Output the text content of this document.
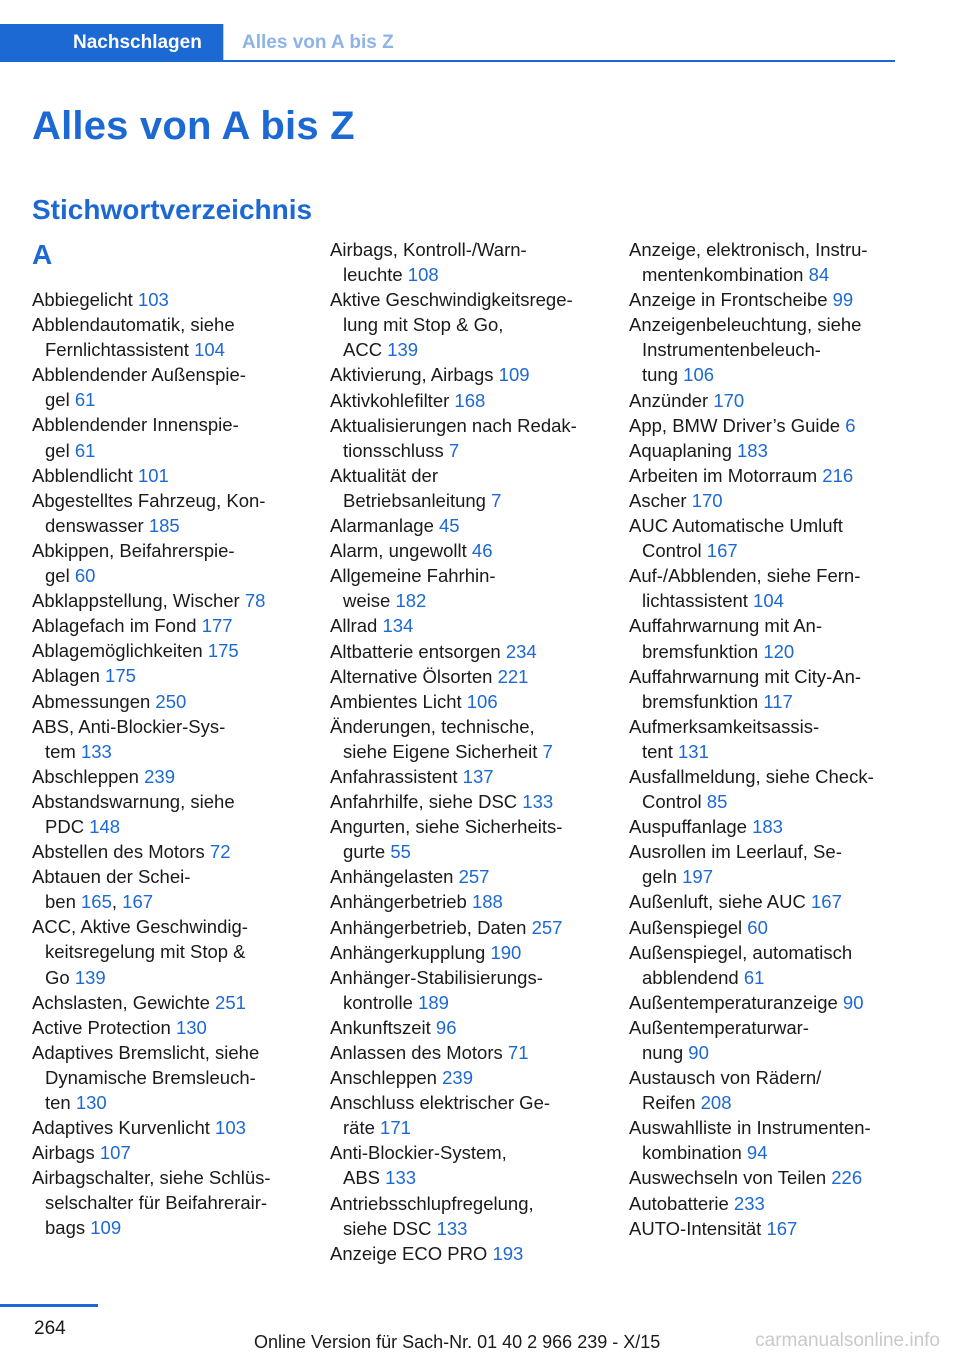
Nachschlagen Alles von A bis Z
Alles von A bis Z
Stichwortverzeichnis
A
Abbiegelicht 103
Abblendautomatik, siehe
Fernlichtassistent 104
Abblendender Außenspie-
gel 61
Abblendender Innenspie-
gel 61
Abblendlicht 101
Abgestelltes Fahrzeug, Kon-
denswasser 185
Abkippen, Beifahrerspie-
gel 60
Abklappstellung, Wischer 78
Ablagefach im Fond 177
Ablagemöglichkeiten 175
Ablagen 175
Abmessungen 250
ABS, Anti-Blockier-Sys-
tem 133
Abschleppen 239
Abstandswarnung, siehe
PDC 148
Abstellen des Motors 72
Abtauen der Schei-
ben 165, 167
ACC, Aktive Geschwindig-
keitsregelung mit Stop &
Go 139
Achslasten, Gewichte 251
Active Protection 130
Adaptives Bremslicht, siehe
Dynamische Bremsleuch-
ten 130
Adaptives Kurvenlicht 103
Airbags 107
Airbagschalter, siehe Schlüs-
selschalter für Beifahrerair-
bags 109
Airbags, Kontroll-/Warn-
leuchte 108
Aktive Geschwindigkeitsrege-
lung mit Stop & Go,
ACC 139
Aktivierung, Airbags 109
Aktivkohlefilter 168
Aktualisierungen nach Redak-
tionsschluss 7
Aktualität der
Betriebsanleitung 7
Alarmanlage 45
Alarm, ungewollt 46
Allgemeine Fahrhin-
weise 182
Allrad 134
Altbatterie entsorgen 234
Alternative Ölsorten 221
Ambientes Licht 106
Änderungen, technische,
siehe Eigene Sicherheit 7
Anfahrassistent 137
Anfahrhilfe, siehe DSC 133
Angurten, siehe Sicherheits-
gurte 55
Anhängelasten 257
Anhängerbetrieb 188
Anhängerbetrieb, Daten 257
Anhängerkupplung 190
Anhänger-Stabilisierungs-
kontrolle 189
Ankunftszeit 96
Anlassen des Motors 71
Anschleppen 239
Anschluss elektrischer Ge-
räte 171
Anti-Blockier-System,
ABS 133
Antriebsschlupfregelung,
siehe DSC 133
Anzeige ECO PRO 193
Anzeige, elektronisch, Instru-
mentenkombination 84
Anzeige in Frontscheibe 99
Anzeigenbeleuchtung, siehe
Instrumentenbeleuch-
tung 106
Anzünder 170
App, BMW Driver’s Guide 6
Aquaplaning 183
Arbeiten im Motorraum 216
Ascher 170
AUC Automatische Umluft
Control 167
Auf-/Abblenden, siehe Fern-
lichtassistent 104
Auffahrwarnung mit An-
bremsfunktion 120
Auffahrwarnung mit City-An-
bremsfunktion 117
Aufmerksamkeitsassis-
tent 131
Ausfallmeldung, siehe Check-
Control 85
Auspuffanlage 183
Ausrollen im Leerlauf, Se-
geln 197
Außenluft, siehe AUC 167
Außenspiegel 60
Außenspiegel, automatisch
abblendend 61
Außentemperaturanzeige 90
Außentemperaturwar-
nung 90
Austausch von Rädern/
Reifen 208
Auswahlliste in Instrumenten-
kombination 94
Auswechseln von Teilen 226
Autobatterie 233
AUTO-Intensität 167
264
Online Version für Sach-Nr. 01 40 2 966 239 - X/15	carmanualsonline.info
